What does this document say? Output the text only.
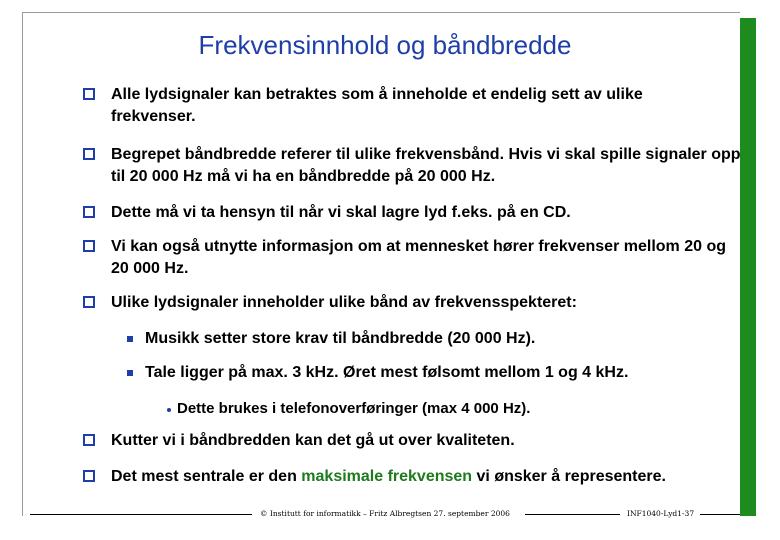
Frekvensinnhold og båndbredde
Alle lydsignaler kan betraktes som å inneholde et endelig sett av ulike frekvenser.
Begrepet båndbredde referer til ulike frekvensbånd. Hvis vi skal spille signaler opp til 20 000 Hz må vi ha en båndbredde på 20 000 Hz.
Dette må vi ta hensyn til når vi skal lagre lyd f.eks. på en CD.
Vi kan også utnytte informasjon om at mennesket hører frekvenser mellom 20 og 20 000 Hz.
Ulike lydsignaler inneholder ulike bånd av frekvensspekteret:
Musikk setter store krav til båndbredde (20 000 Hz).
Tale ligger på max. 3 kHz. Øret mest følsomt mellom 1 og 4 kHz.
Dette brukes i telefonoverføringer (max 4 000 Hz).
Kutter vi i båndbredden kan det gå ut over kvaliteten.
Det mest sentrale er den maksimale frekvensen vi ønsker å representere.
© Institutt for informatikk – Fritz Albregtsen 27. september 2006	INF1040-Lyd1-37
